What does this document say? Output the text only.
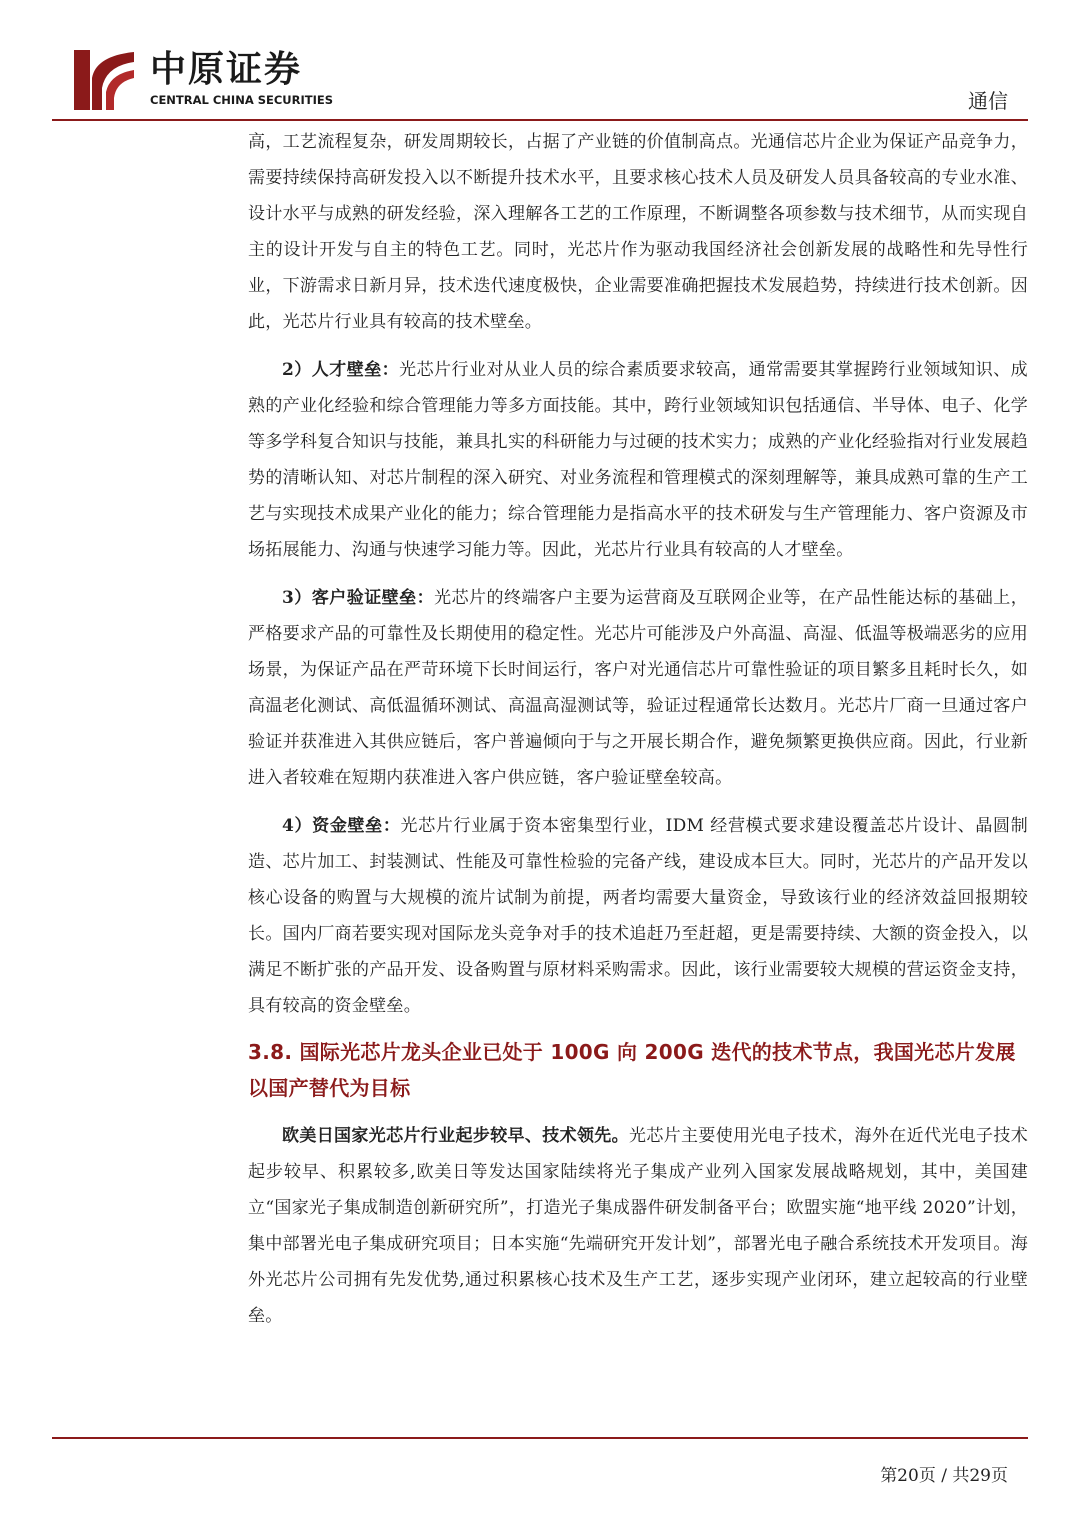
中原证券
CENTRAL CHINA SECURITIES	通信

高，工艺流程复杂，研发周期较长，占据了产业链的价值制高点。光通信芯片企业为保证产品竞争力，需要持续保持高研发投入以不断提升技术水平，且要求核心技术人员及研发人员具备较高的专业水准、设计水平与成熟的研发经验，深入理解各工艺的工作原理，不断调整各项参数与技术细节，从而实现自主的设计开发与自主的特色工艺。同时，光芯片作为驱动我国经济社会创新发展的战略性和先导性行业，下游需求日新月异，技术迭代速度极快，企业需要准确把握技术发展趋势，持续进行技术创新。因此，光芯片行业具有较高的技术壁垒。

2）人才壁垒：光芯片行业对从业人员的综合素质要求较高，通常需要其掌握跨行业领域知识、成熟的产业化经验和综合管理能力等多方面技能。其中，跨行业领域知识包括通信、半导体、电子、化学等多学科复合知识与技能，兼具扎实的科研能力与过硬的技术实力；成熟的产业化经验指对行业发展趋势的清晰认知、对芯片制程的深入研究、对业务流程和管理模式的深刻理解等，兼具成熟可靠的生产工艺与实现技术成果产业化的能力；综合管理能力是指高水平的技术研发与生产管理能力、客户资源及市场拓展能力、沟通与快速学习能力等。因此，光芯片行业具有较高的人才壁垒。

3）客户验证壁垒：光芯片的终端客户主要为运营商及互联网企业等，在产品性能达标的基础上，严格要求产品的可靠性及长期使用的稳定性。光芯片可能涉及户外高温、高湿、低温等极端恶劣的应用场景，为保证产品在严苛环境下长时间运行，客户对光通信芯片可靠性验证的项目繁多且耗时长久，如高温老化测试、高低温循环测试、高温高湿测试等，验证过程通常长达数月。光芯片厂商一旦通过客户验证并获准进入其供应链后，客户普遍倾向于与之开展长期合作，避免频繁更换供应商。因此，行业新进入者较难在短期内获准进入客户供应链，客户验证壁垒较高。

4）资金壁垒：光芯片行业属于资本密集型行业，IDM 经营模式要求建设覆盖芯片设计、晶圆制造、芯片加工、封装测试、性能及可靠性检验的完备产线，建设成本巨大。同时，光芯片的产品开发以核心设备的购置与大规模的流片试制为前提，两者均需要大量资金，导致该行业的经济效益回报期较长。国内厂商若要实现对国际龙头竞争对手的技术追赶乃至赶超，更是需要持续、大额的资金投入，以满足不断扩张的产品开发、设备购置与原材料采购需求。因此，该行业需要较大规模的营运资金支持，具有较高的资金壁垒。

3.8. 国际光芯片龙头企业已处于 100G 向 200G 迭代的技术节点，我国光芯片发展以国产替代为目标

欧美日国家光芯片行业起步较早、技术领先。光芯片主要使用光电子技术，海外在近代光电子技术起步较早、积累较多,欧美日等发达国家陆续将光子集成产业列入国家发展战略规划，其中，美国建立“国家光子集成制造创新研究所”，打造光子集成器件研发制备平台；欧盟实施“地平线 2020”计划，集中部署光电子集成研究项目；日本实施“先端研究开发计划”，部署光电子融合系统技术开发项目。海外光芯片公司拥有先发优势,通过积累核心技术及生产工艺，逐步实现产业闭环，建立起较高的行业壁垒。

第20页 / 共29页
